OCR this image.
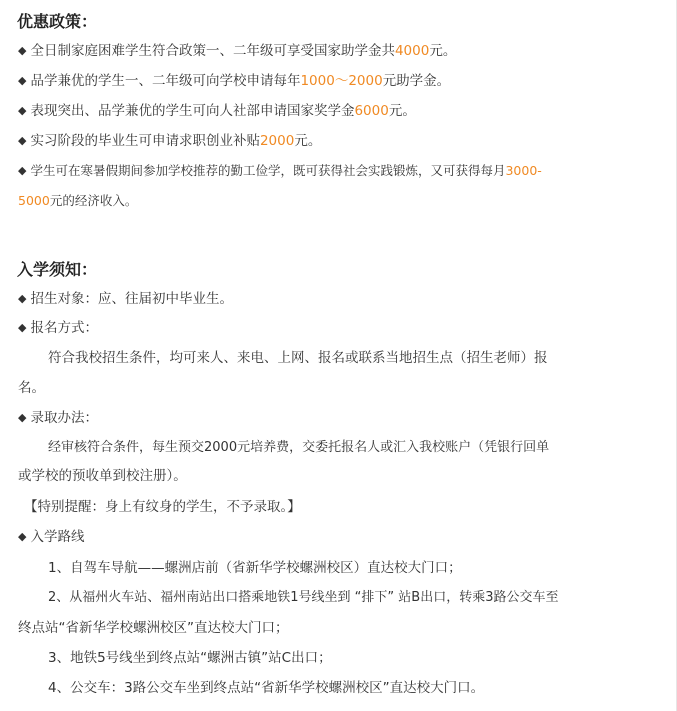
优惠政策：
◆ 全日制家庭困难学生符合政策一、二年级可享受国家助学金共4000元。
◆ 品学兼优的学生一、二年级可向学校申请每年1000～2000元助学金。
◆ 表现突出、品学兼优的学生可向人社部申请国家奖学金6000元。
◆ 实习阶段的毕业生可申请求职创业补贴2000元。
◆ 学生可在寒暑假期间参加学校推荐的勤工俭学，既可获得社会实践锻炼，又可获得每月3000-
5000元的经济收入。
入学须知：
◆ 招生对象：应、往届初中毕业生。
◆ 报名方式：
符合我校招生条件，均可来人、来电、上网、报名或联系当地招生点（招生老师）报
名。
◆ 录取办法：
经审核符合条件，每生预交2000元培养费，交委托报名人或汇入我校账户（凭银行回单
或学校的预收单到校注册）。
【特别提醒：身上有纹身的学生，不予录取。】
◆ 入学路线
1、自驾车导航——螺洲店前（省新华学校螺洲校区）直达校大门口；
2、从福州火车站、福州南站出口搭乘地铁1号线坐到 “排下” 站B出口，转乘3路公交车至
终点站“省新华学校螺洲校区”直达校大门口；
3、地铁5号线坐到终点站“螺洲古镇”站C出口；
4、公交车：3路公交车坐到终点站“省新华学校螺洲校区”直达校大门口。
